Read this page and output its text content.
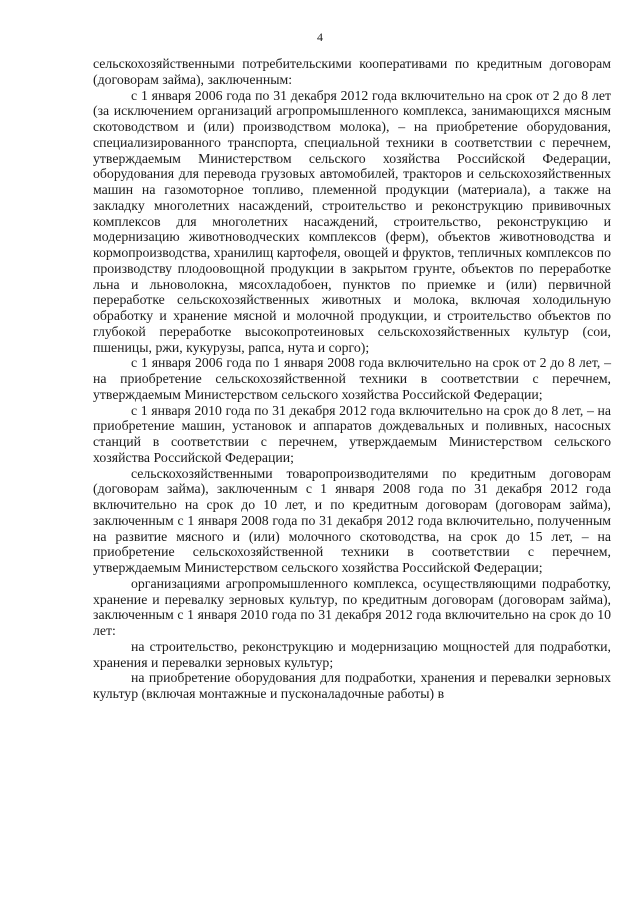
4

сельскохозяйственными потребительскими кооперативами по кредитным договорам (договорам займа), заключенным:

с 1 января 2006 года по 31 декабря 2012 года включительно на срок от 2 до 8 лет (за исключением организаций агропромышленного комплекса, занимающихся мясным скотоводством и (или) производством молока), – на приобретение оборудования, специализированного транспорта, специальной техники в соответствии с перечнем, утверждаемым Министерством сельского хозяйства Российской Федерации, оборудования для перевода грузовых автомобилей, тракторов и сельскохозяйственных машин на газомоторное топливо, племенной продукции (материала), а также на закладку многолетних насаждений, строительство и реконструкцию прививочных комплексов для многолетних насаждений, строительство, реконструкцию и модернизацию животноводческих комплексов (ферм), объектов животноводства и кормопроизводства, хранилищ картофеля, овощей и фруктов, тепличных комплексов по производству плодоовощной продукции в закрытом грунте, объектов по переработке льна и льноволокна, мясохладобоен, пунктов по приемке и (или) первичной переработке сельскохозяйственных животных и молока, включая холодильную обработку и хранение мясной и молочной продукции, и строительство объектов по глубокой переработке высокопротеиновых сельскохозяйственных культур (сои, пшеницы, ржи, кукурузы, рапса, нута и сорго);

с 1 января 2006 года по 1 января 2008 года включительно на срок от 2 до 8 лет, – на приобретение сельскохозяйственной техники в соответствии с перечнем, утверждаемым Министерством сельского хозяйства Российской Федерации;

с 1 января 2010 года по 31 декабря 2012 года включительно на срок до 8 лет, – на приобретение машин, установок и аппаратов дождевальных и поливных, насосных станций в соответствии с перечнем, утверждаемым Министерством сельского хозяйства Российской Федерации;

сельскохозяйственными товаропроизводителями по кредитным договорам (договорам займа), заключенным с 1 января 2008 года по 31 декабря 2012 года включительно на срок до 10 лет, и по кредитным договорам (договорам займа), заключенным с 1 января 2008 года по 31 декабря 2012 года включительно, полученным на развитие мясного и (или) молочного скотоводства, на срок до 15 лет, – на приобретение сельскохозяйственной техники в соответствии с перечнем, утверждаемым Министерством сельского хозяйства Российской Федерации;

организациями агропромышленного комплекса, осуществляющими подработку, хранение и перевалку зерновых культур, по кредитным договорам (договорам займа), заключенным с 1 января 2010 года по 31 декабря 2012 года включительно на срок до 10 лет:

на строительство, реконструкцию и модернизацию мощностей для подработки, хранения и перевалки зерновых культур;

на приобретение оборудования для подработки, хранения и перевалки зерновых культур (включая монтажные и пусконаладочные работы) в
